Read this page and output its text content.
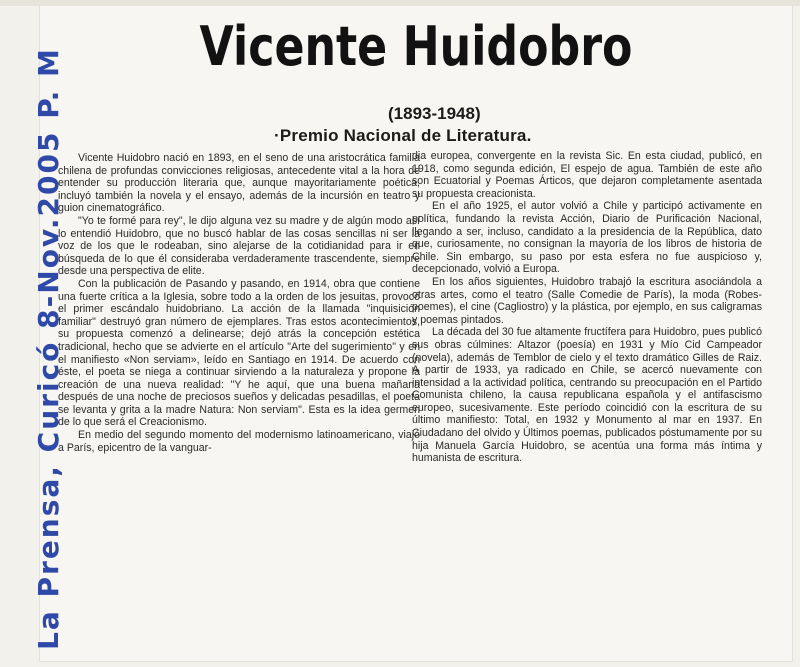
Vicente Huidobro
(1893-1948)
·Premio Nacional de Literatura.
La Prensa, Curicó 8-Nov.2005 P. M	Vicente Huidobro nació en 1893, en el seno de una aristocrática familia chilena de profundas convicciones religiosas, antecedente vital a la hora de entender su producción literaria que, aunque mayoritariamente poética, incluyó también la novela y el ensayo, además de la incursión en teatro y guion cinematográfico.

"Yo te formé para rey", le dijo alguna vez su madre y de algún modo así lo entendió Huidobro, que no buscó hablar de las cosas sencillas ni ser la voz de los que le rodeaban, sino alejarse de la cotidianidad para ir en búsqueda de lo que él consideraba verdaderamente trascendente, siempre desde una perspectiva de elite.

Con la publicación de Pasando y pasando, en 1914, obra que contiene una fuerte crítica a la Iglesia, sobre todo a la orden de los jesuitas, provocó el primer escándalo huidobriano. La acción de la llamada "inquisición familiar" destruyó gran número de ejemplares. Tras estos acontecimientos, su propuesta comenzó a delinearse; dejó atrás la concepción estética tradicional, hecho que se advierte en el artículo "Arte del sugerimiento" y en el manifiesto «Non serviam», leído en Santiago en 1914. De acuerdo con éste, el poeta se niega a continuar sirviendo a la naturaleza y propone la creación de una nueva realidad: "Y he aquí, que una buena mañana después de una noche de preciosos sueños y delicadas pesadillas, el poeta se levanta y grita a la madre Natura: Non serviam". Esta es la idea germen de lo que será el Creacionismo.

En medio del segundo momento del modernismo latinoamericano, viajó a París, epicentro de la vanguar-

dia europea, convergente en la revista Sic. En esta ciudad, publicó, en 1918, como segunda edición, El espejo de agua. También de este año son Ecuatorial y Poemas Árticos, que dejaron completamente asentada su propuesta creacionista.

En el año 1925, el autor volvió a Chile y participó activamente en política, fundando la revista Acción, Diario de Purificación Nacional, llegando a ser, incluso, candidato a la presidencia de la República, dato que, curiosamente, no consignan la mayoría de los libros de historia de Chile. Sin embargo, su paso por esta esfera no fue auspicioso y, decepcionado, volvió a Europa.

En los años siguientes, Huidobro trabajó la escritura asociándola a otras artes, como el teatro (Salle Comedie de París), la moda (Robes- poemes), el cine (Cagliostro) y la plástica, por ejemplo, en sus caligramas y poemas pintados.

La década del 30 fue altamente fructífera para Huidobro, pues publicó sus obras cúlmines: Altazor (poesía) en 1931 y Mío Cid Campeador (novela), además de Temblor de cielo y el texto dramático Gilles de Raiz. A partir de 1933, ya radicado en Chile, se acercó nuevamente con intensidad a la actividad política, centrando su preocupación en el Partido Comunista chileno, la causa republicana española y el antifascismo europeo, sucesivamente. Este período coincidió con la escritura de su último manifiesto: Total, en 1932 y Monumento al mar en 1937. En Ciudadano del olvido y Últimos poemas, publicados póstumamente por su hija Manuela García Huidobro, se acentúa una forma más íntima y humanista de escritura.
